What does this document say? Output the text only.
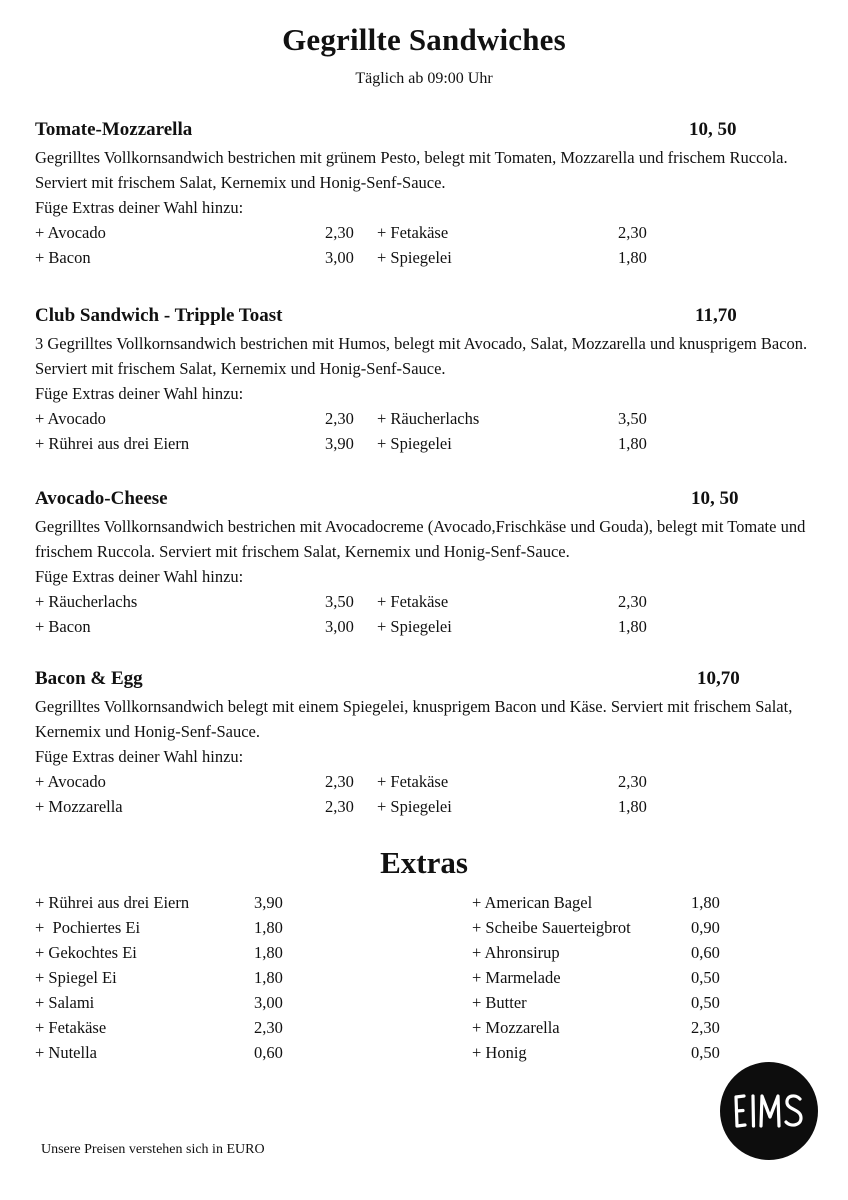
Gegrillte Sandwiches
Täglich ab 09:00 Uhr
Tomate-Mozzarella	10, 50
Gegrilltes Vollkornsandwich bestrichen mit grünem Pesto, belegt mit Tomaten, Mozzarella und frischem Ruccola. Serviert mit frischem Salat, Kernemix und Honig-Senf-Sauce.
Füge Extras deiner Wahl hinzu:
+ Avocado	2,30 + Fetakäse	2,30
+ Bacon	3,00 + Spiegelei	1,80
Club Sandwich - Tripple Toast	11,70
3 Gegrilltes Vollkornsandwich bestrichen mit Humos, belegt mit Avocado, Salat, Mozzarella und knusprigem Bacon. Serviert mit frischem Salat, Kernemix und Honig-Senf-Sauce.
Füge Extras deiner Wahl hinzu:
+ Avocado	2,30 + Räucherlachs	3,50
+ Rührei aus drei Eiern	3,90 + Spiegelei	1,80
Avocado-Cheese	10, 50
Gegrilltes Vollkornsandwich bestrichen mit Avocadocreme (Avocado,Frischkäse und Gouda), belegt mit Tomate und frischem Ruccola. Serviert mit frischem Salat, Kernemix und Honig-Senf-Sauce.
Füge Extras deiner Wahl hinzu:
+ Räucherlachs	3,50 + Fetakäse	2,30
+ Bacon	3,00 + Spiegelei	1,80
Bacon & Egg	10,70
Gegrilltes Vollkornsandwich belegt mit einem Spiegelei, knusprigem Bacon und Käse. Serviert mit frischem Salat, Kernemix und Honig-Senf-Sauce.
Füge Extras deiner Wahl hinzu:
+ Avocado	2,30 + Fetakäse	2,30
+ Mozzarella	2,30 + Spiegelei	1,80
Extras
+ Rührei aus drei Eiern	3,90
+  Pochiertes Ei	1,80
+ Gekochtes Ei	1,80
+ Spiegel Ei	1,80
+ Salami	3,00
+ Fetakäse	2,30
+ Nutella	0,60
+ American Bagel	1,80
+ Scheibe Sauerteigbrot	0,90
+ Ahronsirup	0,60
+ Marmelade	0,50
+ Butter	0,50
+ Mozzarella	2,30
+ Honig	0,50
Unsere Preisen verstehen sich in EURO
